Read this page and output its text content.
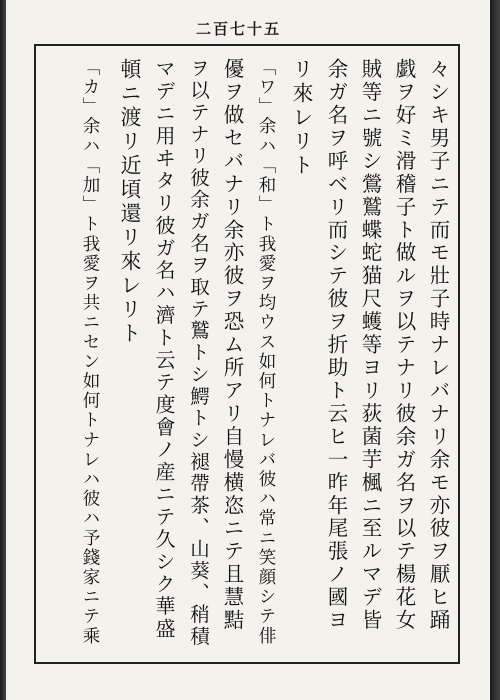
二百七十五
々シキ男子ニテ而モ壯子時ナレバナリ余モ亦彼ヲ厭ヒ踊
戯ヲ好ミ滑稽子ト做ルヲ以テナリ彼余ガ名ヲ以テ楊花女
賊等ニ號シ鶯鷲蝶蛇猫尺蠖等ヨリ荻菌芋楓ニ至ルマデ皆
余ガ名ヲ呼ベリ而シテ彼ヲ折助ト云ヒ一昨年尾張ノ國ヨ
リ來レリト
「ワ」余ハ「和」ト我愛ヲ均ウス如何トナレバ彼ハ常ニ笑顔シテ俳
優ヲ做セバナリ余亦彼ヲ恐ム所アリ自慢横恣ニテ且慧黠
ヲ以テナリ彼余ガ名ヲ取テ鷲トシ鰐トシ褪帶茶、山葵、稍積
マデニ用ヰタリ彼ガ名ハ濟ト云テ度會ノ産ニテ久シク華盛
頓ニ渡リ近頃還リ來レリト
「カ」余ハ「加」ト我愛ヲ共ニセン如何トナレハ彼ハ予錢家ニテ乘
